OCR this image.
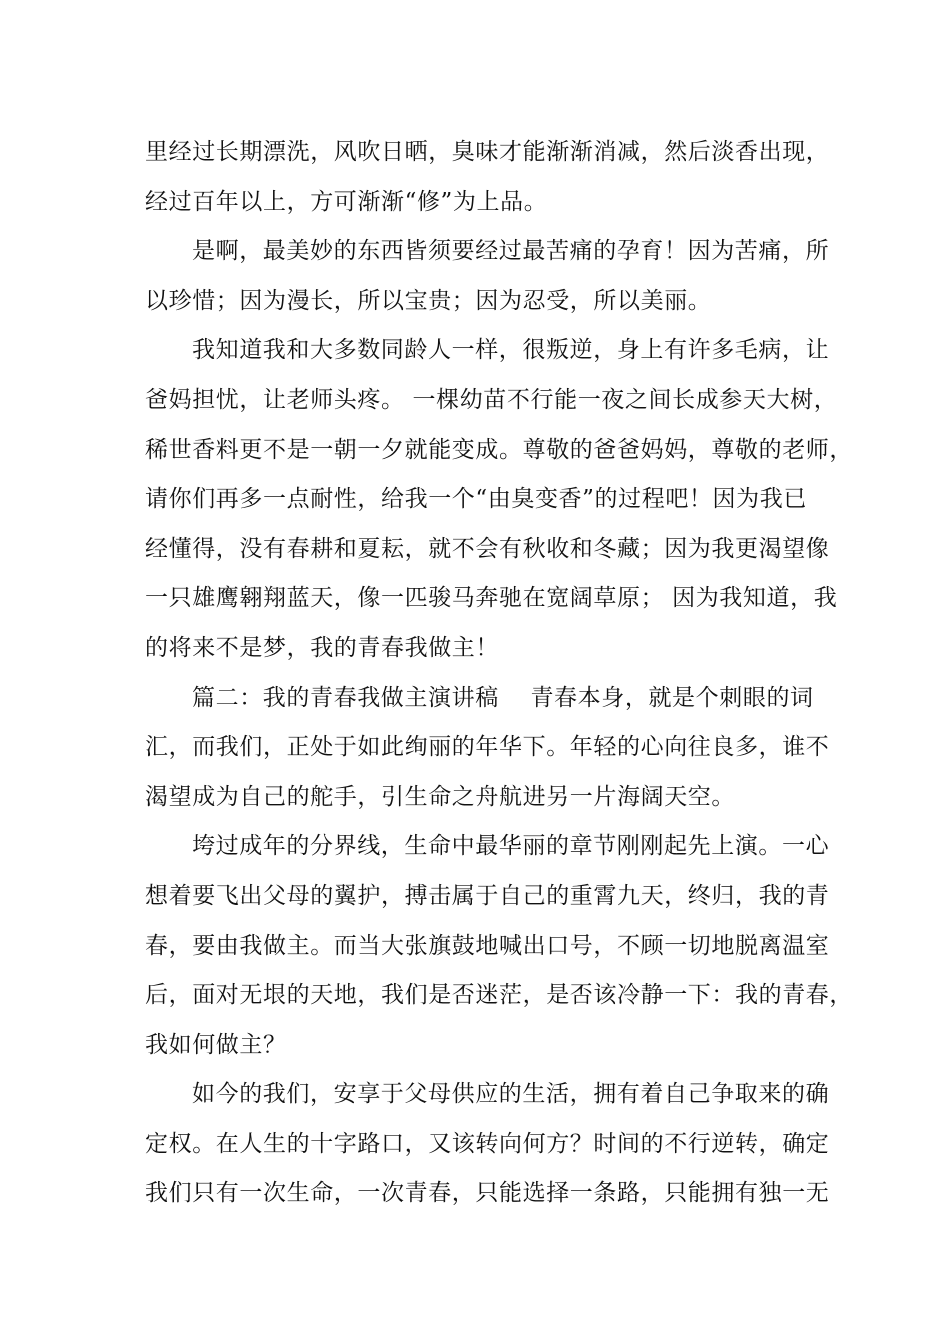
里经过长期漂洗，风吹日晒，臭味才能渐渐消减，然后淡香出现，
经过百年以上，方可渐渐“修”为上品。
是啊，最美妙的东西皆须要经过最苦痛的孕育！因为苦痛，所
以珍惜；因为漫长，所以宝贵；因为忍受，所以美丽。
我知道我和大多数同龄人一样，很叛逆，身上有许多毛病，让
爸妈担忧，让老师头疼。 一棵幼苗不行能一夜之间长成参天大树，
稀世香料更不是一朝一夕就能变成。尊敬的爸爸妈妈，尊敬的老师，
请你们再多一点耐性，给我一个“由臭变香”的过程吧！因为我已
经懂得，没有春耕和夏耘，就不会有秋收和冬藏；因为我更渴望像
一只雄鹰翱翔蓝天，像一匹骏马奔驰在宽阔草原； 因为我知道，我
的将来不是梦，我的青春我做主！
篇二：我的青春我做主演讲稿    青春本身，就是个刺眼的词
汇，而我们，正处于如此绚丽的年华下。年轻的心向往良多，谁不
渴望成为自己的舵手，引生命之舟航进另一片海阔天空。
垮过成年的分界线，生命中最华丽的章节刚刚起先上演。一心
想着要飞出父母的翼护，搏击属于自己的重霄九天，终归，我的青
春，要由我做主。而当大张旗鼓地喊出口号，不顾一切地脱离温室
后，面对无垠的天地，我们是否迷茫，是否该冷静一下：我的青春，
我如何做主？
如今的我们，安享于父母供应的生活，拥有着自己争取来的确
定权。在人生的十字路口，又该转向何方？时间的不行逆转，确定
我们只有一次生命，一次青春，只能选择一条路，只能拥有独一无
